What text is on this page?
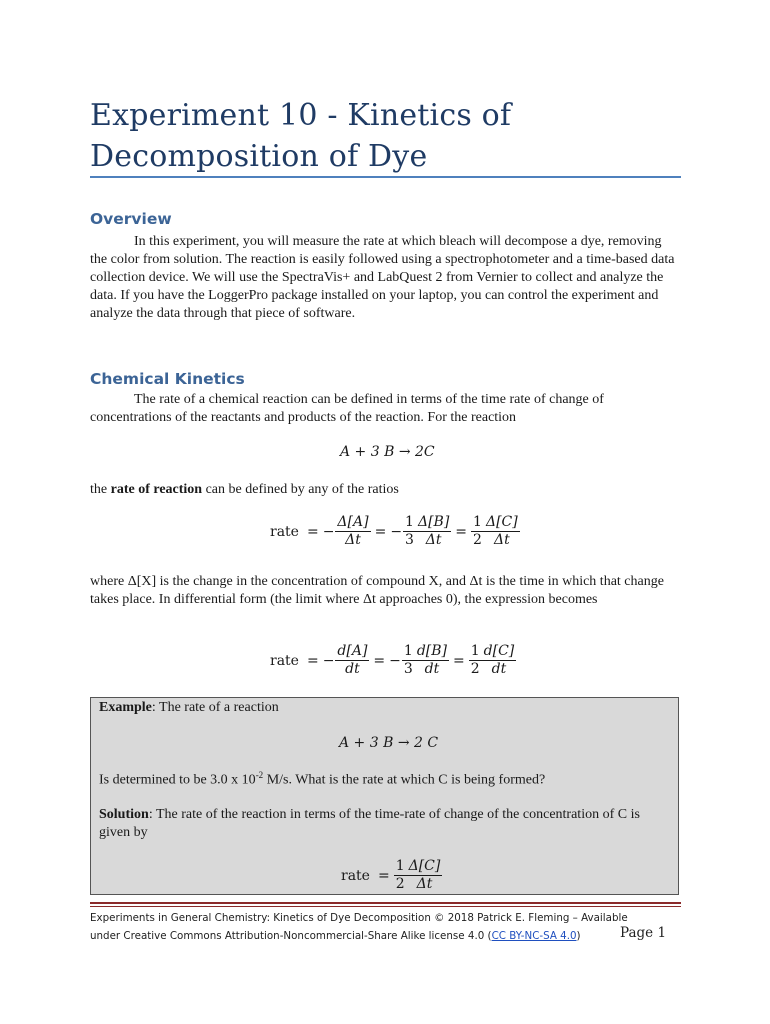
Experiment 10 - Kinetics of
Decomposition of Dye
Overview
In this experiment, you will measure the rate at which bleach will decompose a dye, removing the color from solution. The reaction is easily followed using a spectrophotometer and a time-based data collection device. We will use the SpectraVis+ and LabQuest 2 from Vernier to collect and analyze the data. If you have the LoggerPro package installed on your laptop, you can control the experiment and analyze the data through that piece of software.
Chemical Kinetics
The rate of a chemical reaction can be defined in terms of the time rate of change of concentrations of the reactants and products of the reaction. For the reaction
A + 3 B → 2C
the rate of reaction can be defined by any of the ratios
rate = − $\frac{\Delta[A]}{\Delta t}$ = − $\frac{1}{3} \frac{\Delta[B]}{\Delta t} = \frac{1}{2} \frac{\Delta[C]}{\Delta t}$
where Δ[X] is the change in the concentration of compound X, and Δt is the time in which that change takes place. In differential form (the limit where Δt approaches 0), the expression becomes
rate = − $\frac{d[A]}{dt}$ = − $\frac{1}{3} \frac{d[B]}{dt} = \frac{1}{2} \frac{d[C]}{dt}$
Example: The rate of a reaction
A + 3 B → 2 C
Is determined to be 3.0 x $10^{-2}$ M/s. What is the rate at which C is being formed?
Solution: The rate of the reaction in terms of the time-rate of change of the concentration of C is given by
rate = $\frac{1}{2} \frac{\Delta[C]}{\Delta t}$
Experiments in General Chemistry: Kinetics of Dye Decomposition © 2018 Patrick E. Fleming – Available
under Creative Commons Attribution-Noncommercial-Share Alike license 4.0 (CC BY-NC-SA 4.0)	Page 1
